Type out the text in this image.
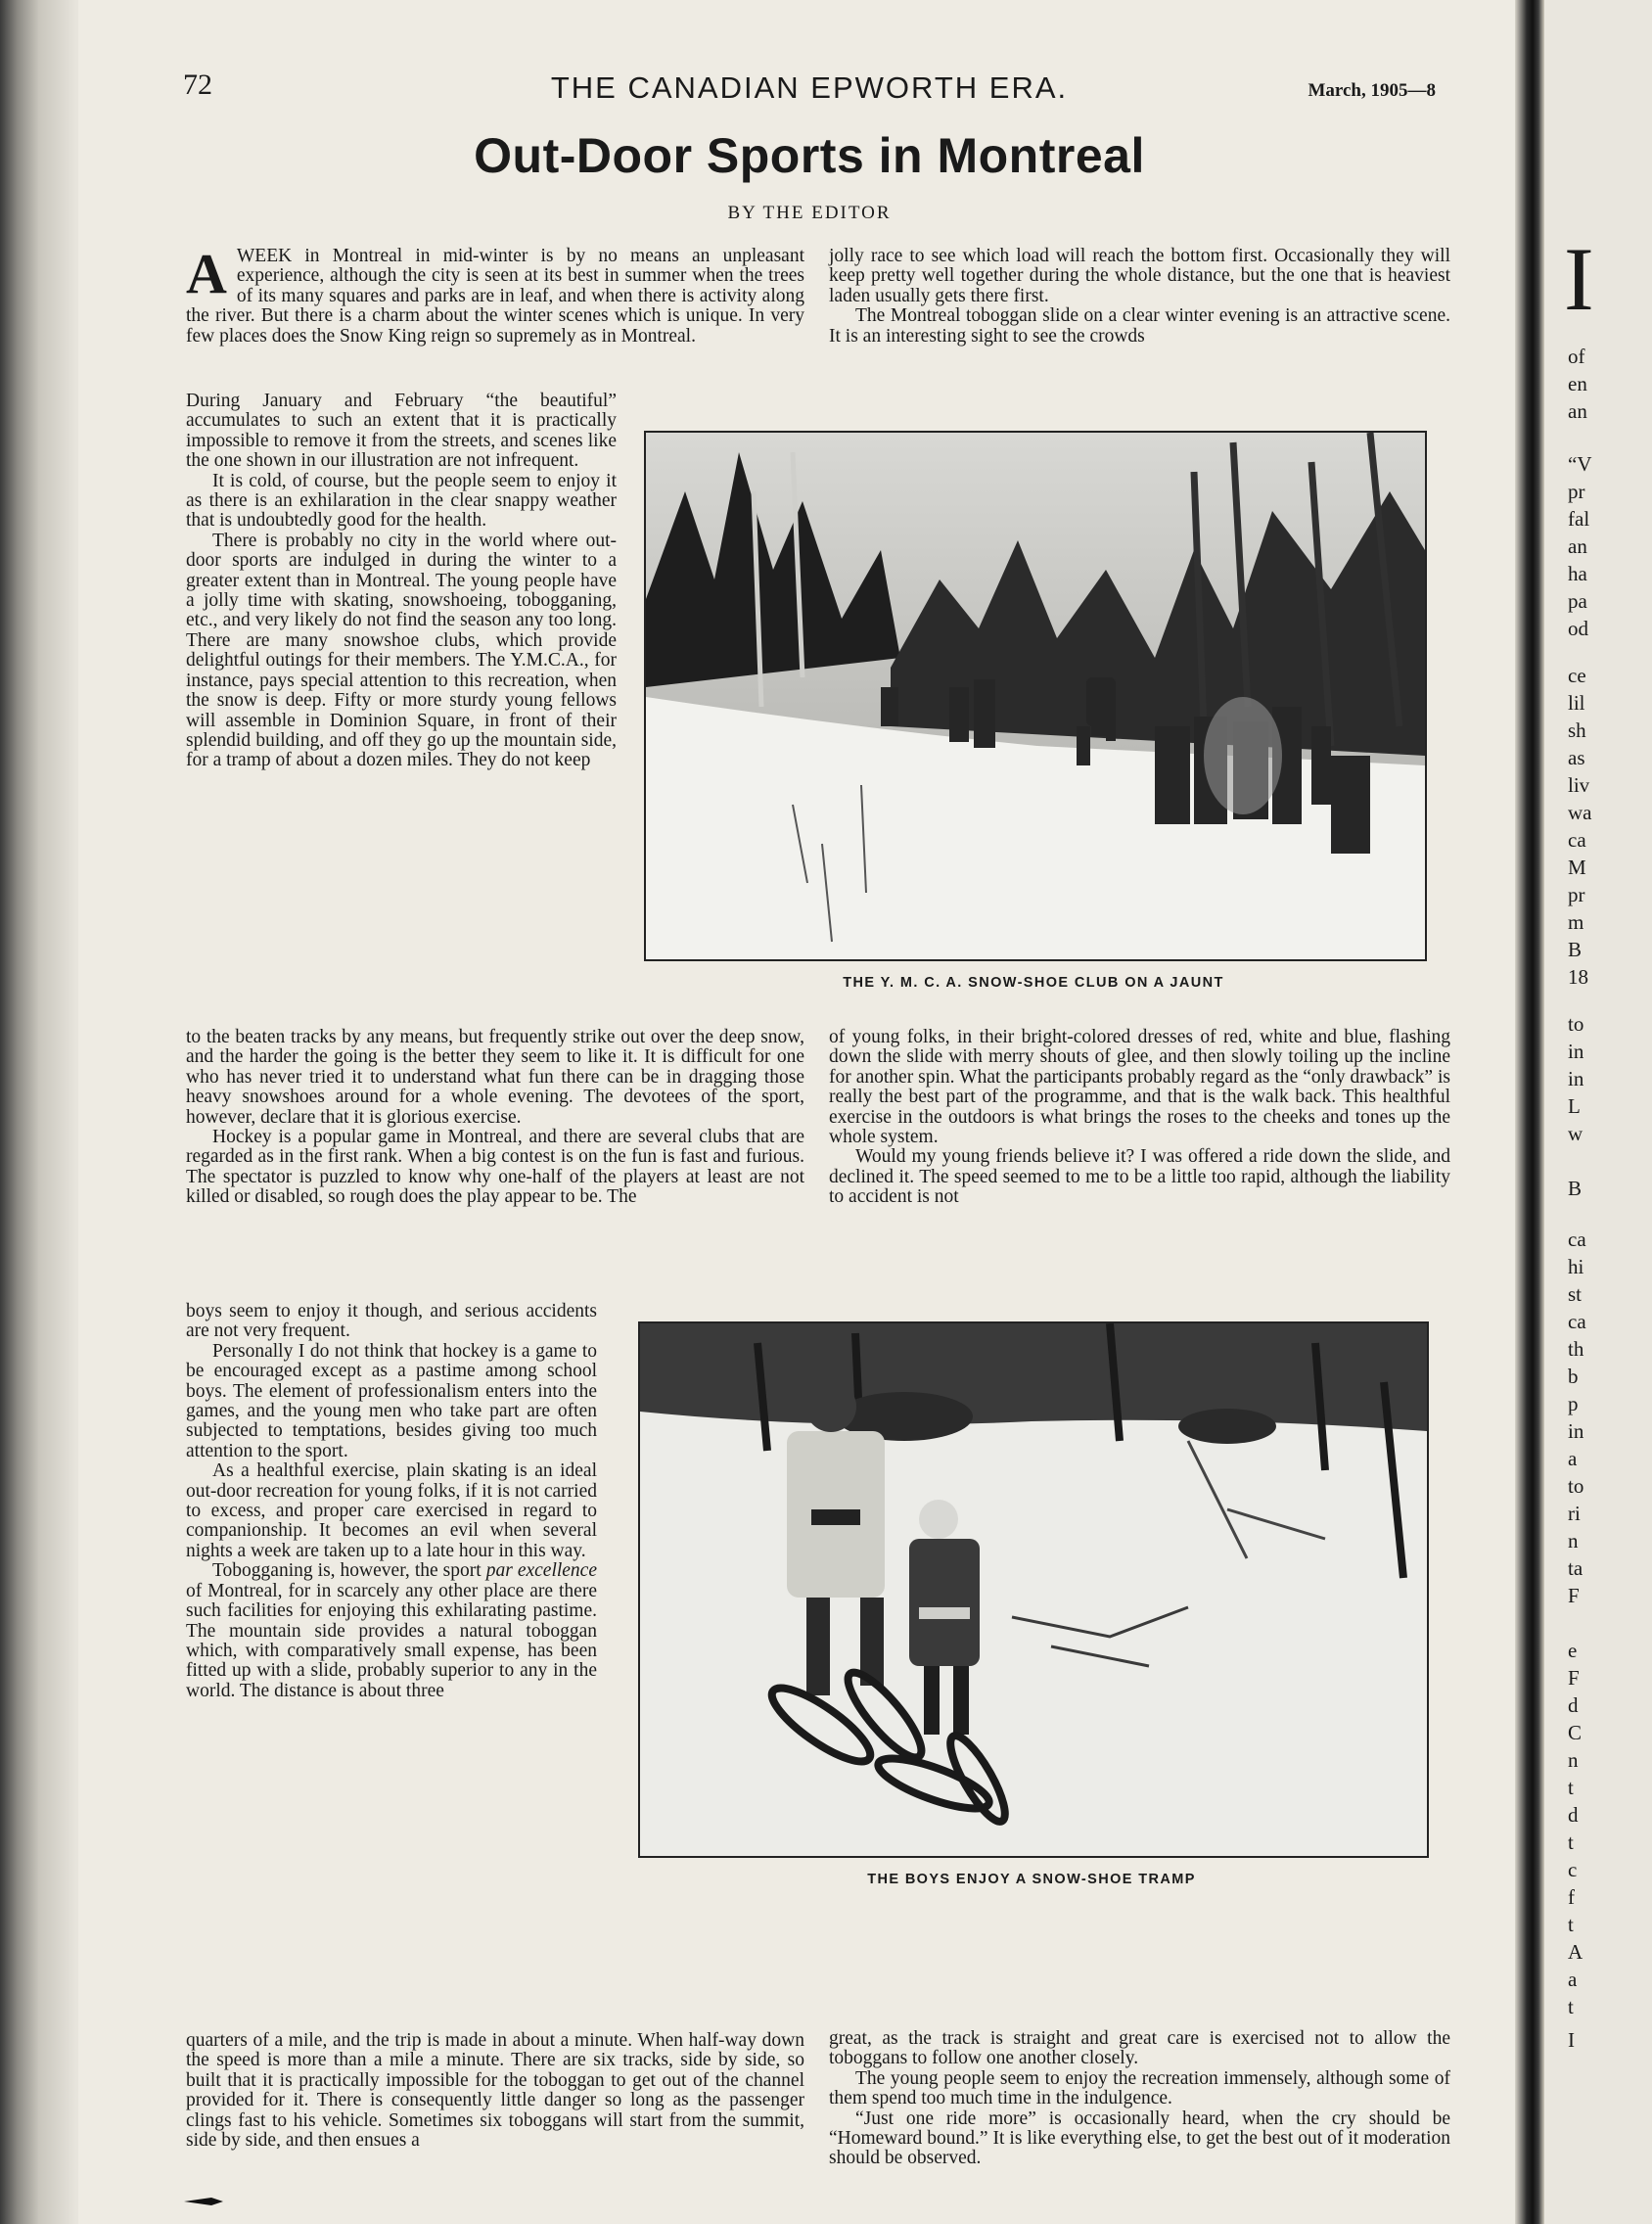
72	THE CANADIAN EPWORTH ERA.	March, 1905—8
Out-Door Sports in Montreal
BY THE EDITOR
A WEEK in Montreal in mid-winter is by no means an unpleasant experience, although the city is seen at its best in summer when the trees of its many squares and parks are in leaf, and when there is activity along the river. But there is a charm about the winter scenes which is unique. In very few places does the Snow King reign so supremely as in Montreal.

During January and February “the beautiful” accumulates to such an extent that it is practically impossible to remove it from the streets, and scenes like the one shown in our illustration are not infrequent.

It is cold, of course, but the people seem to enjoy it as there is an exhilaration in the clear snappy weather that is undoubtedly good for the health.

There is probably no city in the world where out-door sports are indulged in during the winter to a greater extent than in Montreal. The young people have a jolly time with skating, snowshoeing, tobogganing, etc., and very likely do not find the season any too long. There are many snowshoe clubs, which provide delightful outings for their members. The Y.M.C.A., for instance, pays special attention to this recreation, when the snow is deep. Fifty or more sturdy young fellows will assemble in Dominion Square, in front of their splendid building, and off they go up the mountain side, for a tramp of about a dozen miles. They do not keep

to the beaten tracks by any means, but frequently strike out over the deep snow, and the harder the going is the better they seem to like it. It is difficult for one who has never tried it to understand what fun there can be in dragging those heavy snowshoes around for a whole evening. The devotees of the sport, however, declare that it is glorious exercise.

Hockey is a popular game in Montreal, and there are several clubs that are regarded as in the first rank. When a big contest is on the fun is fast and furious. The spectator is puzzled to know why one-half of the players at least are not killed or disabled, so rough does the play appear to be. The

boys seem to enjoy it though, and serious accidents are not very frequent.

Personally I do not think that hockey is a game to be encouraged except as a pastime among school boys. The element of professionalism enters into the games, and the young men who take part are often subjected to temptations, besides giving too much attention to the sport.

As a healthful exercise, plain skating is an ideal out-door recreation for young folks, if it is not carried to excess, and proper care exercised in regard to companionship. It becomes an evil when several nights a week are taken up to a late hour in this way.

Tobogganing is, however, the sport par excellence of Montreal, for in scarcely any other place are there such facilities for enjoying this exhilarating pastime. The mountain side provides a natural toboggan which, with comparatively small expense, has been fitted up with a slide, probably superior to any in the world. The distance is about three

quarters of a mile, and the trip is made in about a minute. When half-way down the speed is more than a mile a minute. There are six tracks, side by side, so built that it is practically impossible for the toboggan to get out of the channel provided for it. There is consequently little danger so long as the passenger clings fast to his vehicle. Sometimes six toboggans will start from the summit, side by side, and then ensues a

jolly race to see which load will reach the bottom first. Occasionally they will keep pretty well together during the whole distance, but the one that is heaviest laden usually gets there first.

The Montreal toboggan slide on a clear winter evening is an attractive scene. It is an interesting sight to see the crowds

of young folks, in their bright-colored dresses of red, white and blue, flashing down the slide with merry shouts of glee, and then slowly toiling up the incline for another spin. What the participants probably regard as the “only drawback” is really the best part of the programme, and that is the walk back. This healthful exercise in the outdoors is what brings the roses to the cheeks and tones up the whole system.

Would my young friends believe it? I was offered a ride down the slide, and declined it. The speed seemed to me to be a little too rapid, although the liability to accident is not

great, as the track is straight and great care is exercised not to allow the toboggans to follow one another closely.

The young people seem to enjoy the recreation immensely, although some of them spend too much time in the indulgence.

“Just one ride more” is occasionally heard, when the cry should be “Homeward bound.” It is like everything else, to get the best out of it moderation should be observed.

THE Y. M. C. A. SNOW-SHOE CLUB ON A JAUNT
THE BOYS ENJOY A SNOW-SHOE TRAMP
I
of
en
an
“V
pr
fal
an
ha
pa
od
ce
lil
sh
as
liv
wa
ca
M
pr
m
B
18
to
in
in
L
w
B
ca
hi
st
ca
th
b
p
in
a
to
ri
n
ta
F
e
F
d
C
n
t
d
t
c
f
t
A
a
t
I
